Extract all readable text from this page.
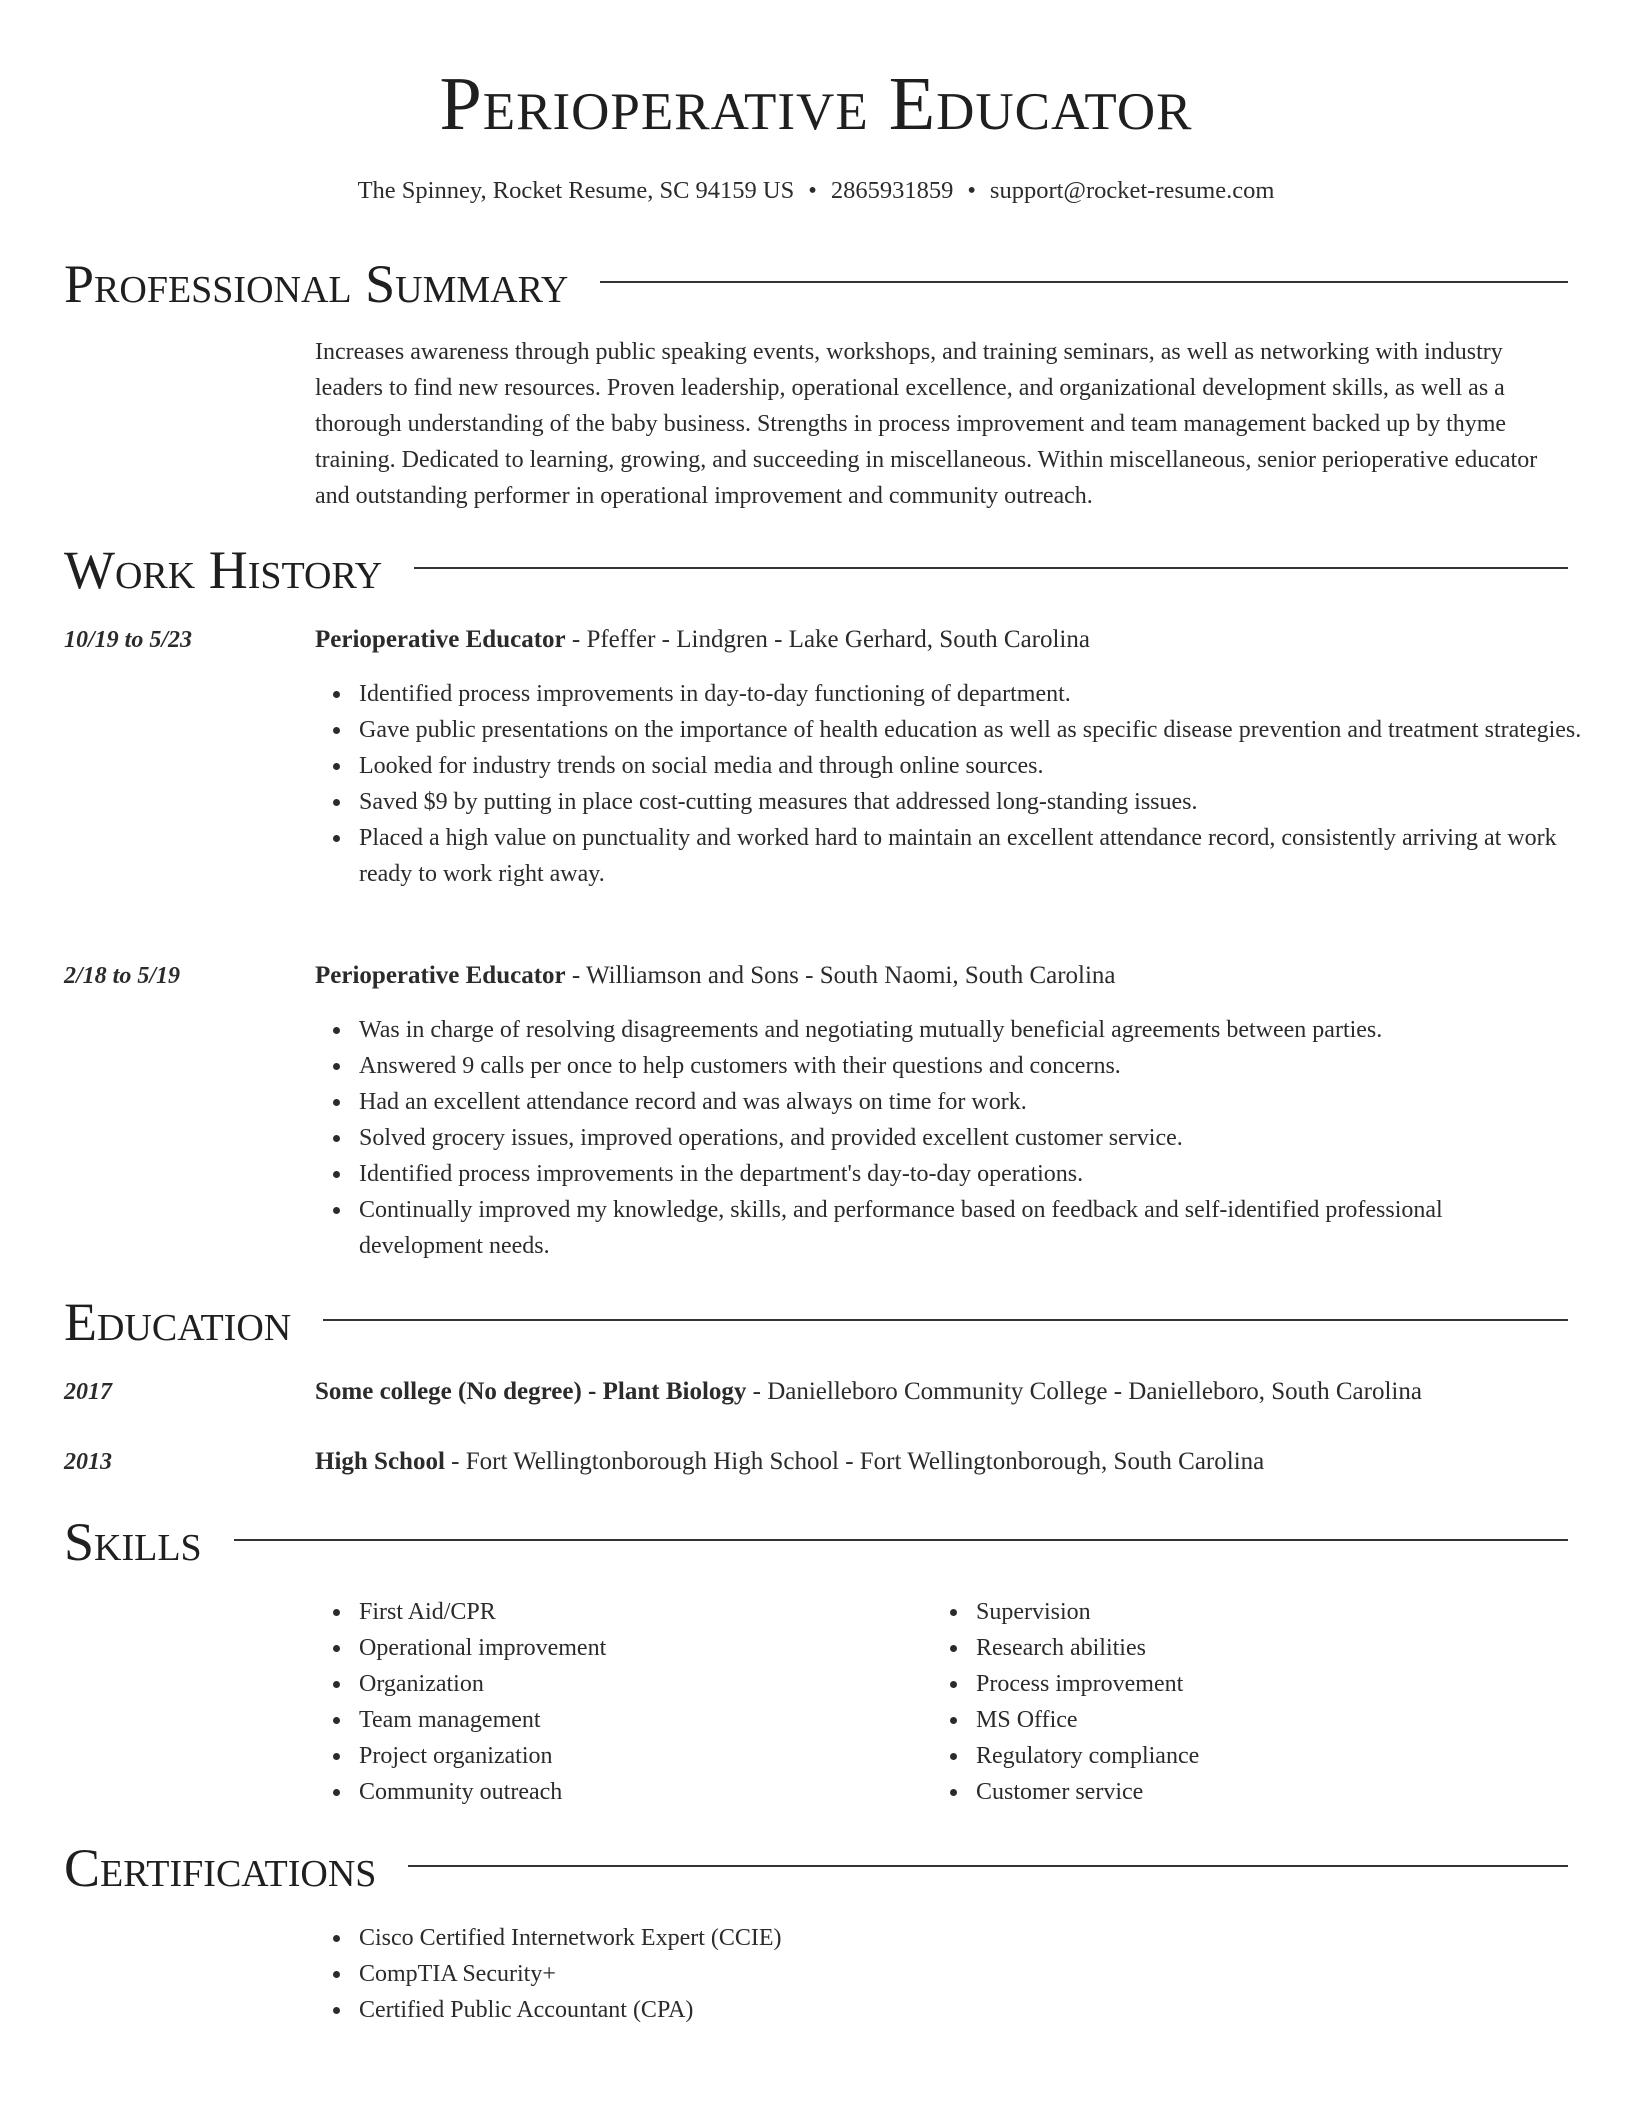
Perioperative Educator
The Spinney, Rocket Resume, SC 94159 US • 2865931859 • support@rocket-resume.com
Professional Summary
Increases awareness through public speaking events, workshops, and training seminars, as well as networking with industry leaders to find new resources. Proven leadership, operational excellence, and organizational development skills, as well as a thorough understanding of the baby business. Strengths in process improvement and team management backed up by thyme training. Dedicated to learning, growing, and succeeding in miscellaneous. Within miscellaneous, senior perioperative educator and outstanding performer in operational improvement and community outreach.
Work History
10/19 to 5/23	Perioperative Educator - Pfeffer - Lindgren - Lake Gerhard, South Carolina
Identified process improvements in day-to-day functioning of department.
Gave public presentations on the importance of health education as well as specific disease prevention and treatment strategies.
Looked for industry trends on social media and through online sources.
Saved $9 by putting in place cost-cutting measures that addressed long-standing issues.
Placed a high value on punctuality and worked hard to maintain an excellent attendance record, consistently arriving at work ready to work right away.
2/18 to 5/19	Perioperative Educator - Williamson and Sons - South Naomi, South Carolina
Was in charge of resolving disagreements and negotiating mutually beneficial agreements between parties.
Answered 9 calls per once to help customers with their questions and concerns.
Had an excellent attendance record and was always on time for work.
Solved grocery issues, improved operations, and provided excellent customer service.
Identified process improvements in the department's day-to-day operations.
Continually improved my knowledge, skills, and performance based on feedback and self-identified professional development needs.
Education
2017	Some college (No degree) - Plant Biology - Danielleboro Community College - Danielleboro, South Carolina
2013	High School - Fort Wellingtonborough High School - Fort Wellingtonborough, South Carolina
Skills
First Aid/CPR
Operational improvement
Organization
Team management
Project organization
Community outreach
Supervision
Research abilities
Process improvement
MS Office
Regulatory compliance
Customer service
Certifications
Cisco Certified Internetwork Expert (CCIE)
CompTIA Security+
Certified Public Accountant (CPA)
